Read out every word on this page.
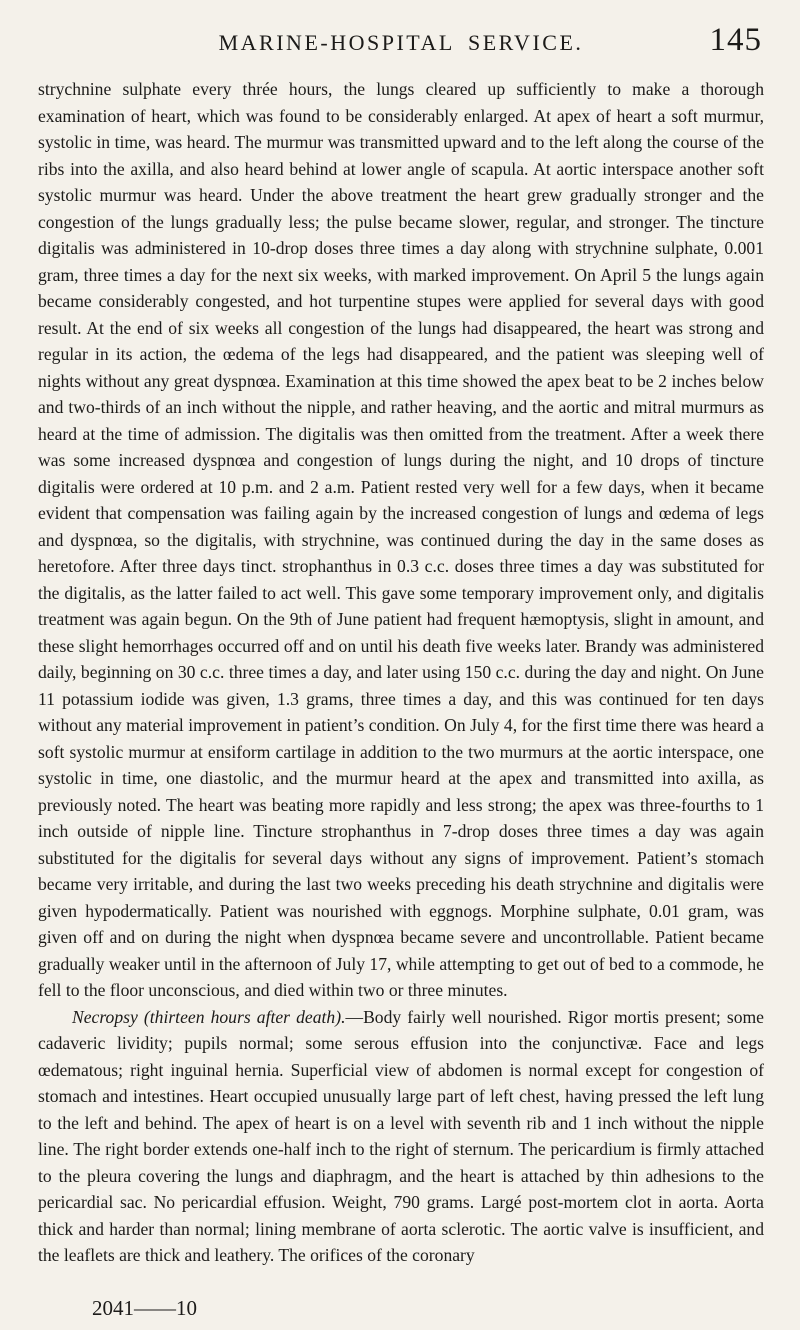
MARINE-HOSPITAL SERVICE.	145

strychnine sulphate every thrée hours, the lungs cleared up sufficiently to make a thorough examination of heart, which was found to be considerably enlarged. At apex of heart a soft murmur, systolic in time, was heard. The murmur was transmitted upward and to the left along the course of the ribs into the axilla, and also heard behind at lower angle of scapula. At aortic interspace another soft systolic murmur was heard. Under the above treatment the heart grew gradually stronger and the congestion of the lungs gradually less; the pulse became slower, regular, and stronger. The tincture digitalis was administered in 10-drop doses three times a day along with strychnine sulphate, 0.001 gram, three times a day for the next six weeks, with marked improvement. On April 5 the lungs again became considerably congested, and hot turpentine stupes were applied for several days with good result. At the end of six weeks all congestion of the lungs had disappeared, the heart was strong and regular in its action, the œdema of the legs had disappeared, and the patient was sleeping well of nights without any great dyspnœa. Examination at this time showed the apex beat to be 2 inches below and two-thirds of an inch without the nipple, and rather heaving, and the aortic and mitral murmurs as heard at the time of admission. The digitalis was then omitted from the treatment. After a week there was some increased dyspnœa and congestion of lungs during the night, and 10 drops of tincture digitalis were ordered at 10 p.m. and 2 a.m. Patient rested very well for a few days, when it became evident that compensation was failing again by the increased congestion of lungs and œdema of legs and dyspnœa, so the digitalis, with strychnine, was continued during the day in the same doses as heretofore. After three days tinct. strophanthus in 0.3 c.c. doses three times a day was substituted for the digitalis, as the latter failed to act well. This gave some temporary improvement only, and digitalis treatment was again begun. On the 9th of June patient had frequent hæmoptysis, slight in amount, and these slight hemorrhages occurred off and on until his death five weeks later. Brandy was administered daily, beginning on 30 c.c. three times a day, and later using 150 c.c. during the day and night. On June 11 potassium iodide was given, 1.3 grams, three times a day, and this was continued for ten days without any material improvement in patient’s condition. On July 4, for the first time there was heard a soft systolic murmur at ensiform cartilage in addition to the two murmurs at the aortic interspace, one systolic in time, one diastolic, and the murmur heard at the apex and transmitted into axilla, as previously noted. The heart was beating more rapidly and less strong; the apex was three-fourths to 1 inch outside of nipple line. Tincture strophanthus in 7-drop doses three times a day was again substituted for the digitalis for several days without any signs of improvement. Patient’s stomach became very irritable, and during the last two weeks preceding his death strychnine and digitalis were given hypodermatically. Patient was nourished with eggnogs. Morphine sulphate, 0.01 gram, was given off and on during the night when dyspnœa became severe and uncontrollable. Patient became gradually weaker until in the afternoon of July 17, while attempting to get out of bed to a commode, he fell to the floor unconscious, and died within two or three minutes.

Necropsy (thirteen hours after death).—Body fairly well nourished. Rigor mortis present; some cadaveric lividity; pupils normal; some serous effusion into the conjunctivæ. Face and legs œdematous; right inguinal hernia. Superficial view of abdomen is normal except for congestion of stomach and intestines. Heart occupied unusually large part of left chest, having pressed the left lung to the left and behind. The apex of heart is on a level with seventh rib and 1 inch without the nipple line. The right border extends one-half inch to the right of sternum. The pericardium is firmly attached to the pleura covering the lungs and diaphragm, and the heart is attached by thin adhesions to the pericardial sac. No pericardial effusion. Weight, 790 grams. Largé post-mortem clot in aorta. Aorta thick and harder than normal; lining membrane of aorta sclerotic. The aortic valve is insufficient, and the leaflets are thick and leathery. The orifices of the coronary

2041——10
